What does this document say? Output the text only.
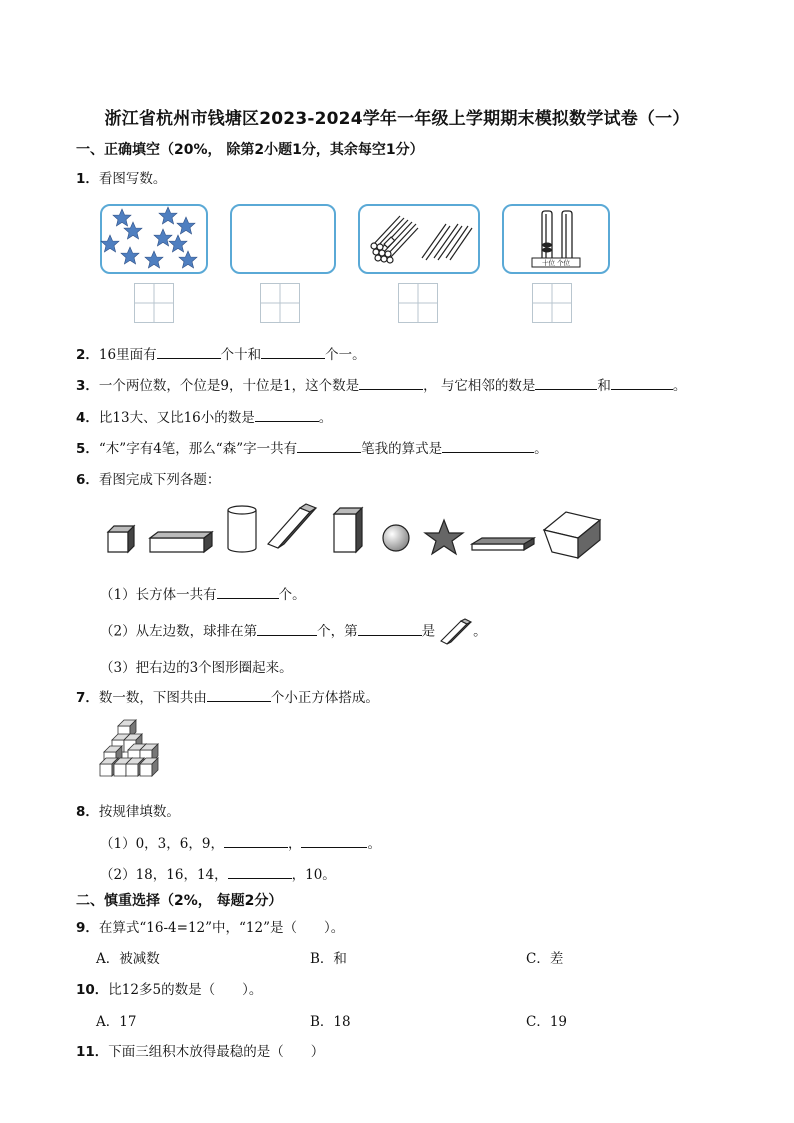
浙江省杭州市钱塘区2023-2024学年一年级上学期期末模拟数学试卷（一）
一、正确填空（20%， 除第2小题1分，其余每空1分）
1．看图写数。
十位 个位
2．16里面有	个十和	个一。
3．一个两位数，个位是9，十位是1，这个数是	， 与它相邻的数是	和	。
4．比13大、又比16小的数是	。
5．“木”字有4笔，那么“森”字一共有	笔我的算式是	。
6．看图完成下列各题：
（1）长方体一共有	个。
（2）从左边数，球排在第	个，第	是	。
（3）把右边的3个图形圈起来。
7．数一数，下图共由	个小正方体搭成。
8．按规律填数。
（1）0，3，6，9，	，	。
（2）18，16，14，	，10。
二、慎重选择（2%， 每题2分）
9．在算式“16-4=12”中，“12”是（　　）。
A．被减数	B．和	C．差
10．比12多5的数是（　　）。
A．17	B．18	C．19
11．下面三组积木放得最稳的是（　　）
